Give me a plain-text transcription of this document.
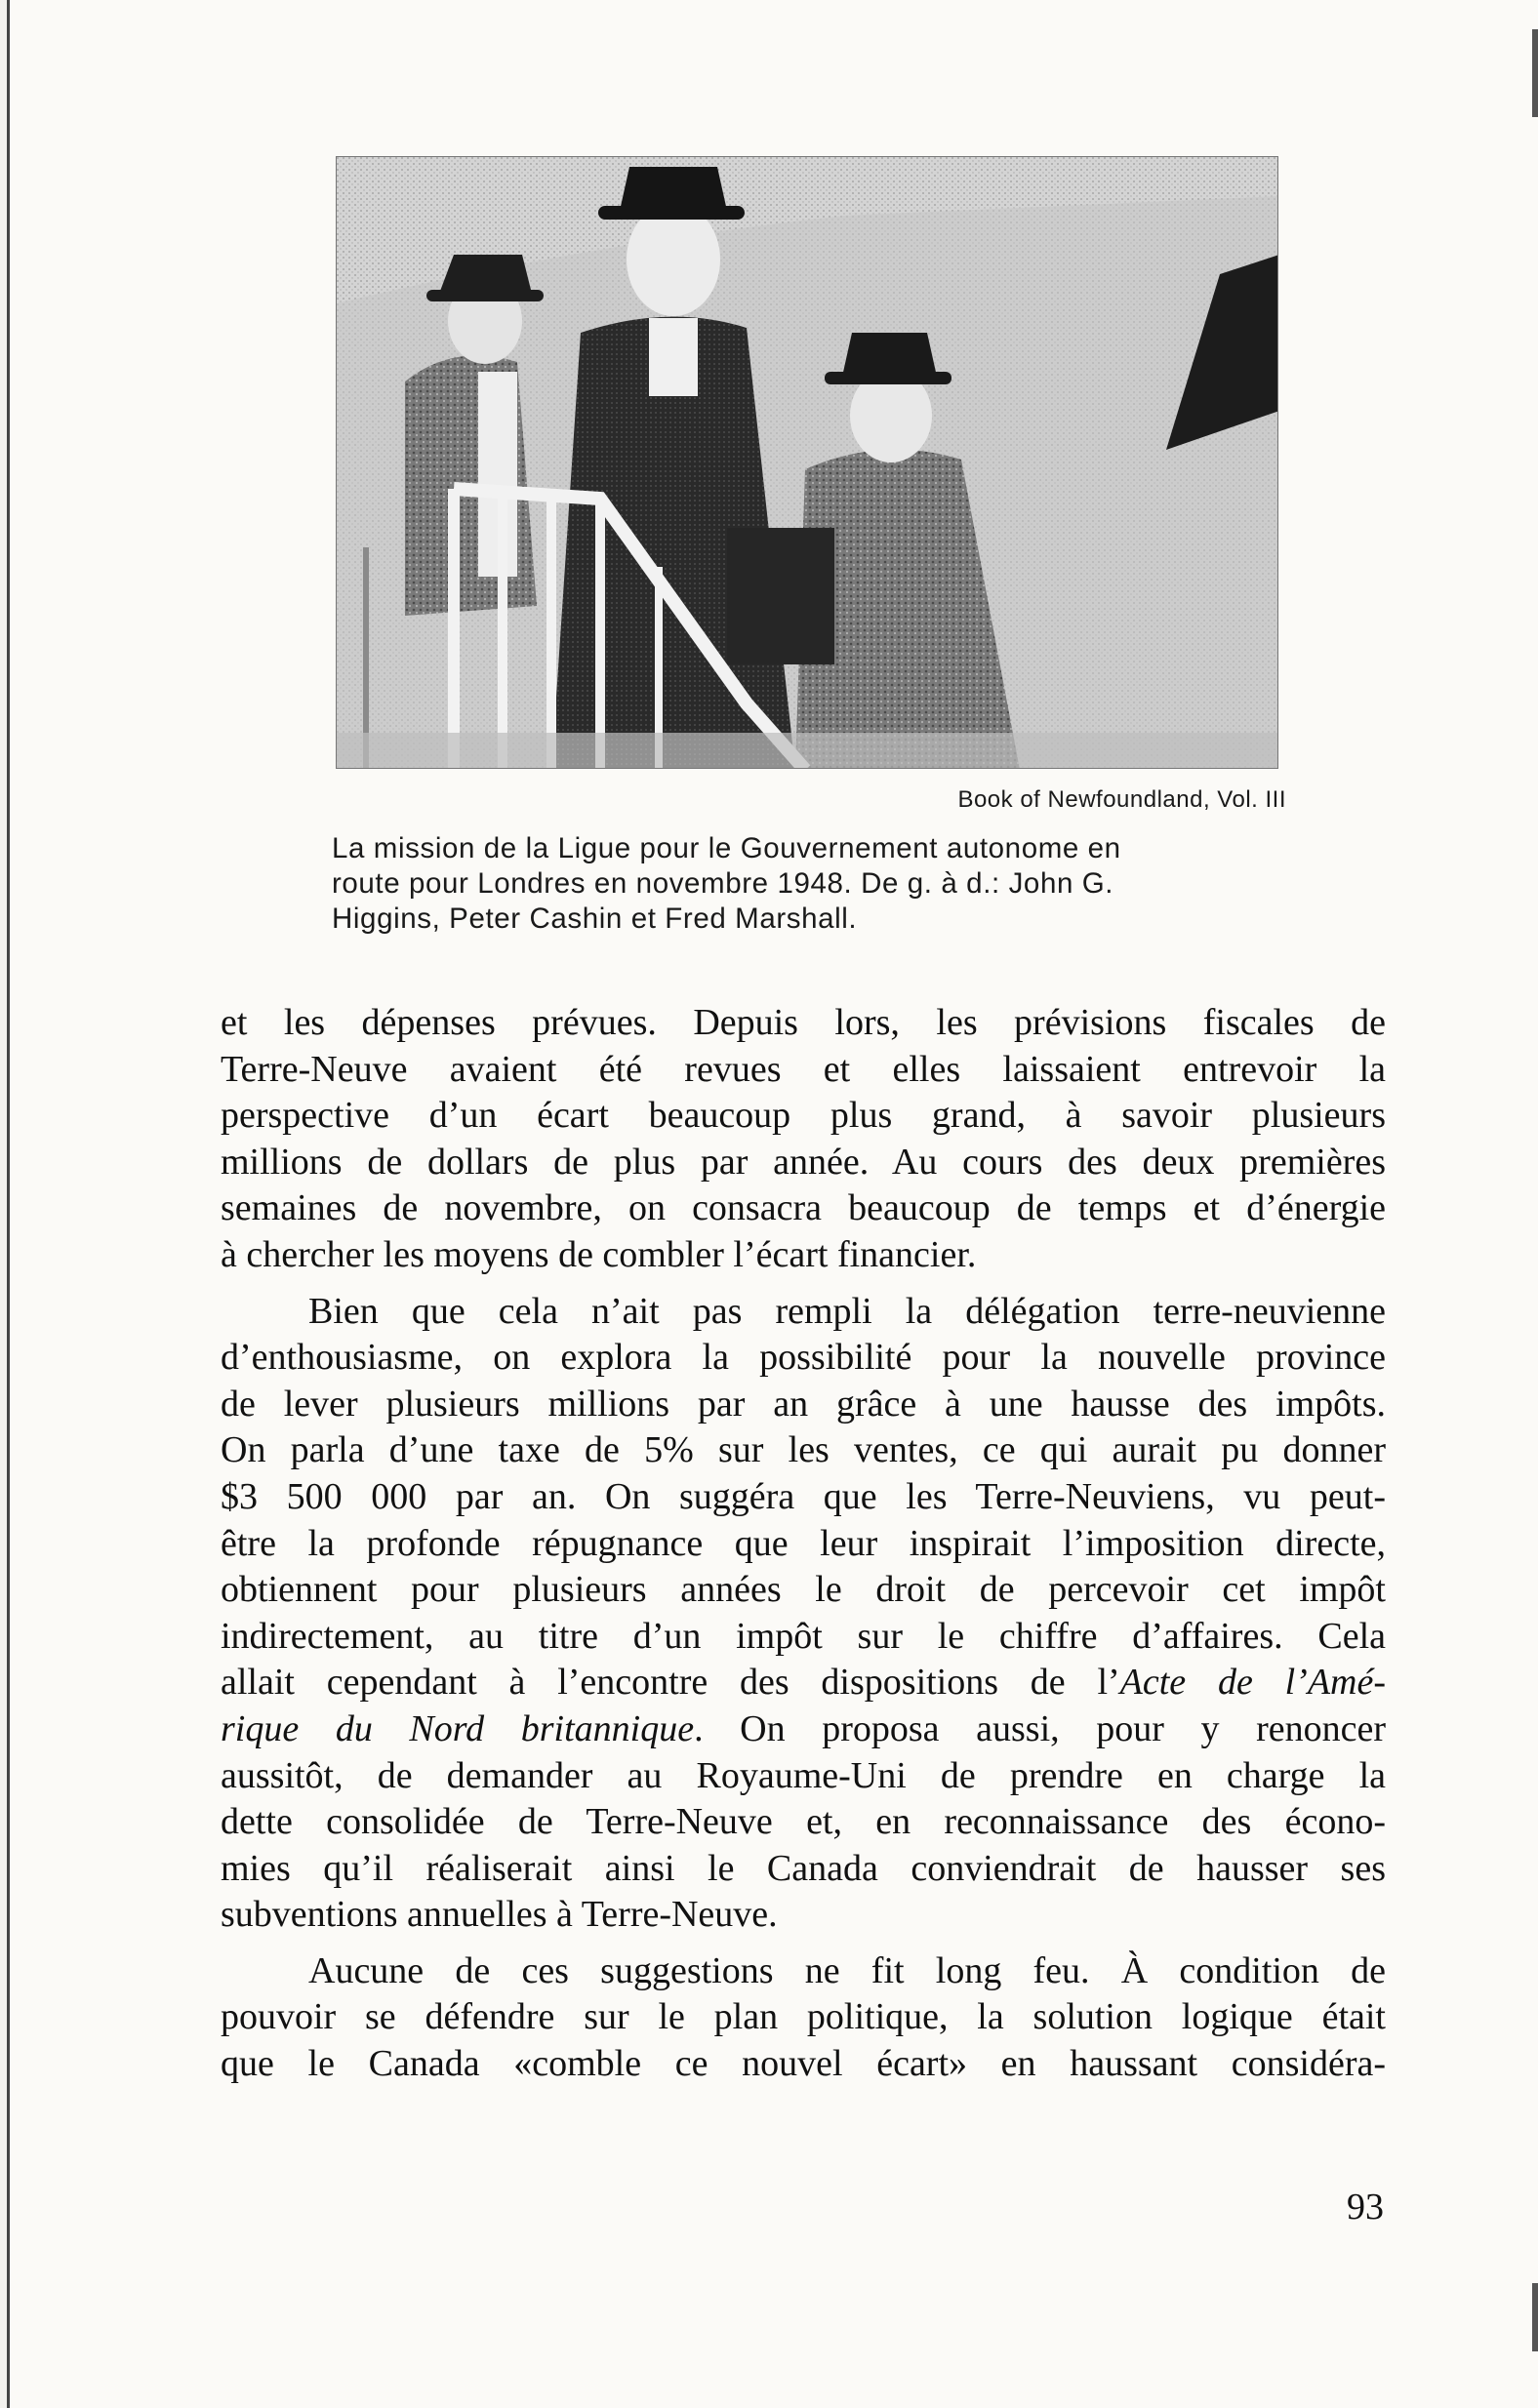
Book of Newfoundland, Vol. III
La mission de la Ligue pour le Gouvernement autonome en
route pour Londres en novembre 1948. De g. à d.: John G.
Higgins, Peter Cashin et Fred Marshall.
et les dépenses prévues. Depuis lors, les prévisions fiscales de
Terre-Neuve avaient été revues et elles laissaient entrevoir la
perspective d’un écart beaucoup plus grand, à savoir plusieurs
millions de dollars de plus par année. Au cours des deux premières
semaines de novembre, on consacra beaucoup de temps et d’énergie
à chercher les moyens de combler l’écart financier.
Bien que cela n’ait pas rempli la délégation terre-neuvienne
d’enthousiasme, on explora la possibilité pour la nouvelle province
de lever plusieurs millions par an grâce à une hausse des impôts.
On parla d’une taxe de 5% sur les ventes, ce qui aurait pu donner
$3 500 000 par an. On suggéra que les Terre-Neuviens, vu peut-
être la profonde répugnance que leur inspirait l’imposition directe,
obtiennent pour plusieurs années le droit de percevoir cet impôt
indirectement, au titre d’un impôt sur le chiffre d’affaires. Cela
allait cependant à l’encontre des dispositions de l’Acte de l’Amé-
rique du Nord britannique. On proposa aussi, pour y renoncer
aussitôt, de demander au Royaume-Uni de prendre en charge la
dette consolidée de Terre-Neuve et, en reconnaissance des écono-
mies qu’il réaliserait ainsi le Canada conviendrait de hausser ses
subventions annuelles à Terre-Neuve.
Aucune de ces suggestions ne fit long feu. À condition de
pouvoir se défendre sur le plan politique, la solution logique était
que le Canada «comble ce nouvel écart» en haussant considéra-
93
